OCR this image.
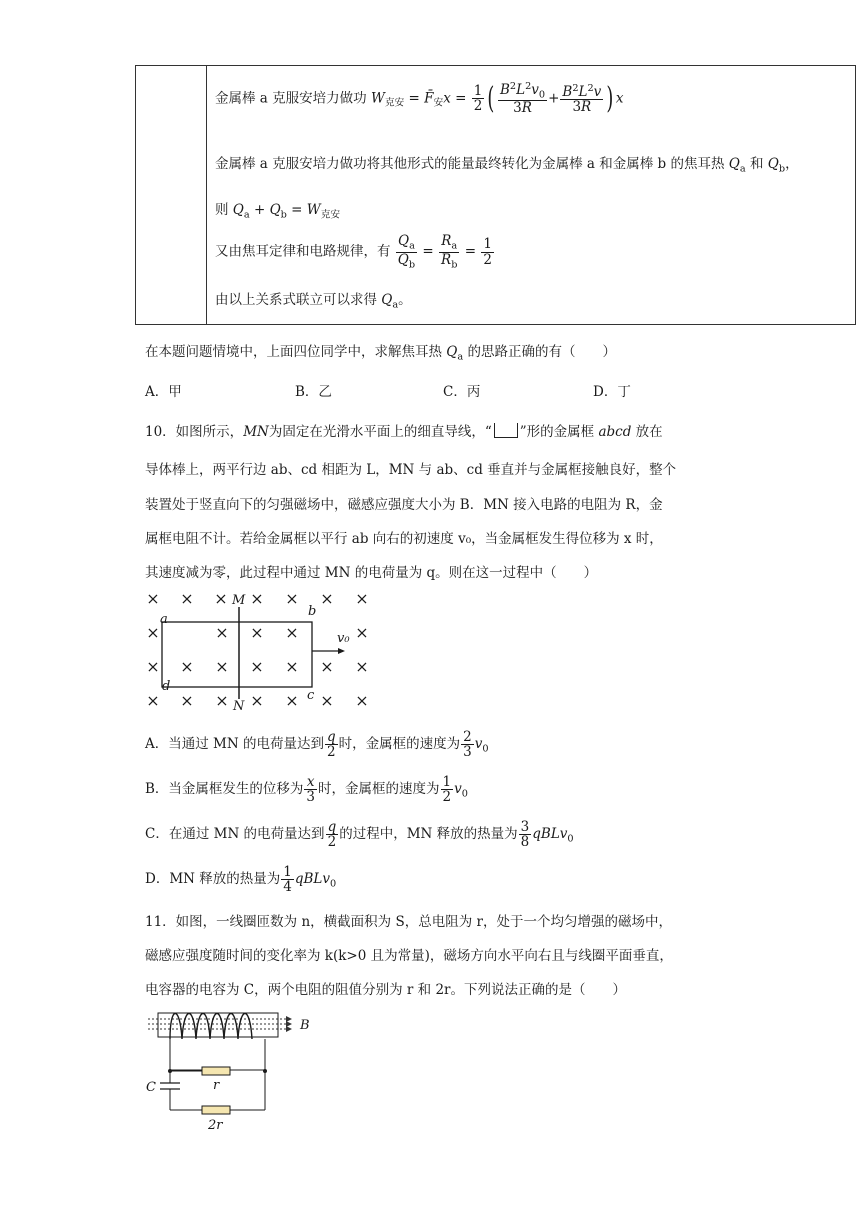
金属棒 a 克服安培力做功 $W_{克安}$ = $F̄_安x = \frac{1}{2}$ ( $\frac{B^2L^2v_0}{3R} + \frac{B^2L^2v}{3R}$ ) x
金属棒 a 克服安培力做功将其他形式的能量最终转化为金属棒 a 和金属棒 b 的焦耳热 $Q_a$ 和 $Q_b$，
则 $Q_a + Q_b = W_{克安}$
又由焦耳定律和电路规律，有 $\frac{Q_a}{Q_b} = \frac{R_a}{R_b} = \frac{1}{2}$
由以上关系式联立可以求得 $Q_a$。
在本题问题情境中，上面四位同学中，求解焦耳热 $Q_a$ 的思路正确的有（　　）
A．甲	B．乙	C．丙	D．丁
10．如图所示，MN为固定在光滑水平面上的细直导线，“ ”形的金属框 abcd 放在
导体棒上，两平行边 ab、cd 相距为 L，MN 与 ab、cd 垂直并与金属框接触良好，整个
装置处于竖直向下的匀强磁场中，磁感应强度大小为 B．MN 接入电路的电阻为 R，金
属框电阻不计。若给金属框以平行 ab 向右的初速度 v₀，当金属框发生得位移为 x 时，
其速度减为零，此过程中通过 MN 的电荷量为 q。则在这一过程中（　　）
× × × × × × ×
×	× × ×	×
× × × × × × ×
× × × × × × ×
M
N
a
b
c
d
v₀
A．当通过 MN 的电荷量达到 $\frac{q}{2}$ 时，金属框的速度为 $\frac{2}{3} v_0$
B．当金属框发生的位移为 $\frac{x}{3}$ 时，金属框的速度为 $\frac{1}{2} v_0$
C．在通过 MN 的电荷量达到 $\frac{q}{2}$ 的过程中，MN 释放的热量为 $\frac{3}{8}$ qBLv$_0$
D．MN 释放的热量为 $\frac{1}{4}$ qBLv$_0$
11．如图，一线圈匝数为 n，横截面积为 S，总电阻为 r，处于一个均匀增强的磁场中，
磁感应强度随时间的变化率为 k(k>0 且为常量)，磁场方向水平向右且与线圈平面垂直，
电容器的电容为 C，两个电阻的阻值分别为 r 和 2r。下列说法正确的是（　　）
B
C	r
2r
